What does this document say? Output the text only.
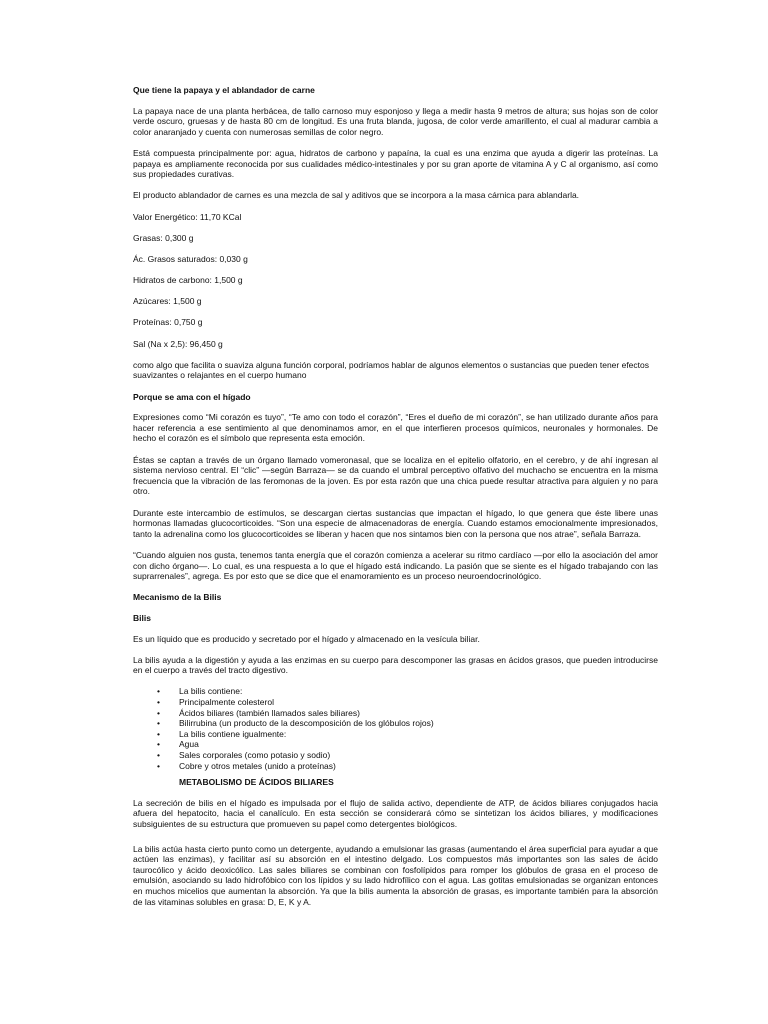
Que tiene la papaya y el ablandador de carne

La papaya nace de una planta herbácea, de tallo carnoso muy esponjoso y llega a medir hasta 9 metros de altura; sus hojas son de color verde oscuro, gruesas y de hasta 80 cm de longitud. Es una fruta blanda, jugosa, de color verde amarillento, el cual al madurar cambia a color anaranjado y cuenta con numerosas semillas de color negro.

Está compuesta principalmente por: agua, hidratos de carbono y papaína, la cual es una enzima que ayuda a digerir las proteínas. La papaya es ampliamente reconocida por sus cualidades médico-intestinales y por su gran aporte de vitamina A y C al organismo, así como sus propiedades curativas.

El producto ablandador de carnes es una mezcla de sal y aditivos que se incorpora a la masa cárnica para ablandarla.

Valor Energético: 11,70 KCal

Grasas: 0,300 g

Ác. Grasos saturados: 0,030 g

Hidratos de carbono: 1,500 g

Azúcares: 1,500 g

Proteínas: 0,750 g

Sal (Na x 2,5): 96,450 g

como algo que facilita o suaviza alguna función corporal, podríamos hablar de algunos elementos o sustancias que pueden tener efectos suavizantes o relajantes en el cuerpo humano

Porque se ama con el hígado

Expresiones como “Mi corazón es tuyo”, “Te amo con todo el corazón”, “Eres el dueño de mi corazón”, se han utilizado durante años para hacer referencia a ese sentimiento al que denominamos amor, en el que interfieren procesos químicos, neuronales y hormonales. De hecho el corazón es el símbolo que representa esta emoción.

Éstas se captan a través de un órgano llamado vomeronasal, que se localiza en el epitelio olfatorio, en el cerebro, y de ahí ingresan al sistema nervioso central. El “clic” —según Barraza— se da cuando el umbral perceptivo olfativo del muchacho se encuentra en la misma frecuencia que la vibración de las feromonas de la joven. Es por esta razón que una chica puede resultar atractiva para alguien y no para otro.

Durante este intercambio de estímulos, se descargan ciertas sustancias que impactan el hígado, lo que genera que éste libere unas hormonas llamadas glucocorticoides. “Son una especie de almacenadoras de energía. Cuando estamos emocionalmente impresionados, tanto la adrenalina como los glucocorticoides se liberan y hacen que nos sintamos bien con la persona que nos atrae”, señala Barraza.

“Cuando alguien nos gusta, tenemos tanta energía que el corazón comienza a acelerar su ritmo cardíaco —por ello la asociación del amor con dicho órgano—. Lo cual, es una respuesta a lo que el hígado está indicando. La pasión que se siente es el hígado trabajando con las suprarrenales”, agrega. Es por esto que se dice que el enamoramiento es un proceso neuroendocrinológico.

Mecanismo de la Bilis
Bilis

Es un líquido que es producido y secretado por el hígado y almacenado en la vesícula biliar.

La bilis ayuda a la digestión y ayuda a las enzimas en su cuerpo para descomponer las grasas en ácidos grasos, que pueden introducirse en el cuerpo a través del tracto digestivo.

• La bilis contiene:
• Principalmente colesterol
• Ácidos biliares (también llamados sales biliares)
• Bilirrubina (un producto de la descomposición de los glóbulos rojos)
• La bilis contiene igualmente:
• Agua
• Sales corporales (como potasio y sodio)
• Cobre y otros metales (unido a proteínas)
METABOLISMO DE ÁCIDOS BILIARES

La secreción de bilis en el hígado es impulsada por el flujo de salida activo, dependiente de ATP, de ácidos biliares conjugados hacia afuera del hepatocito, hacia el canalículo. En esta sección se considerará cómo se sintetizan los ácidos biliares, y modificaciones subsiguientes de su estructura que promueven su papel como detergentes biológicos.

La bilis actúa hasta cierto punto como un detergente, ayudando a emulsionar las grasas (aumentando el área superficial para ayudar a que actúen las enzimas), y facilitar así su absorción en el intestino delgado. Los compuestos más importantes son las sales de ácido taurocólico y ácido deoxicólico. Las sales biliares se combinan con fosfolípidos para romper los glóbulos de grasa en el proceso de emulsión, asociando su lado hidrofóbico con los lípidos y su lado hidrofílico con el agua. Las gotitas emulsionadas se organizan entonces en muchos micelios que aumentan la absorción. Ya que la bilis aumenta la absorción de grasas, es importante también para la absorción de las vitaminas solubles en grasa: D, E, K y A.
